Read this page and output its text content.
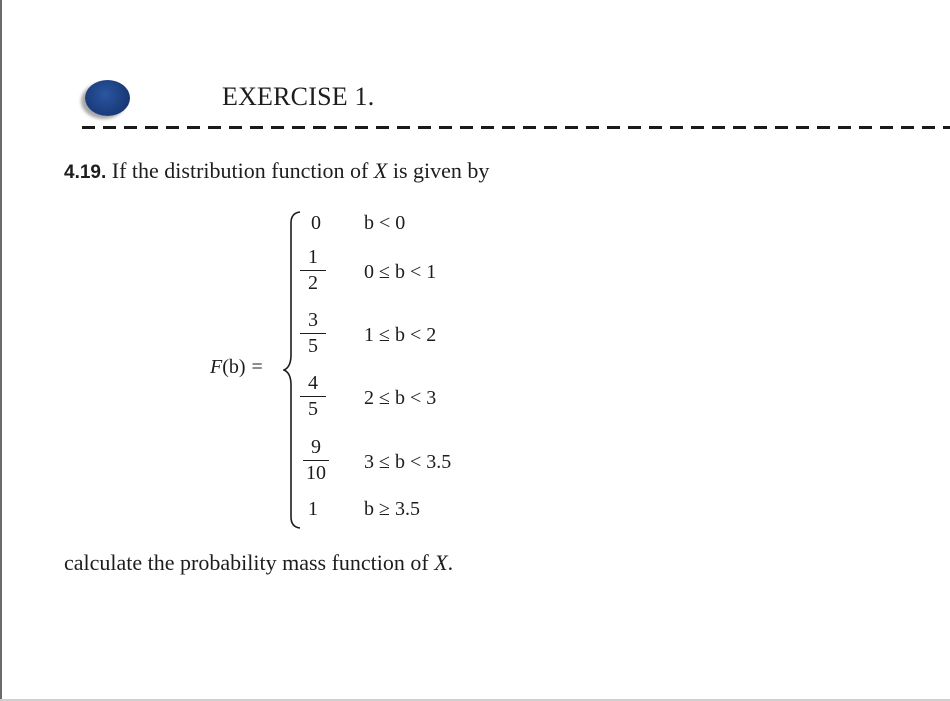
EXERCISE 1.
4.19. If the distribution function of X is given by
F(b) =
0	b < 0
1
2	0 ≤ b < 1
3
5	1 ≤ b < 2
4
5	2 ≤ b < 3
9
10 3 ≤ b < 3.5
1	b ≥ 3.5
calculate the probability mass function of X.
